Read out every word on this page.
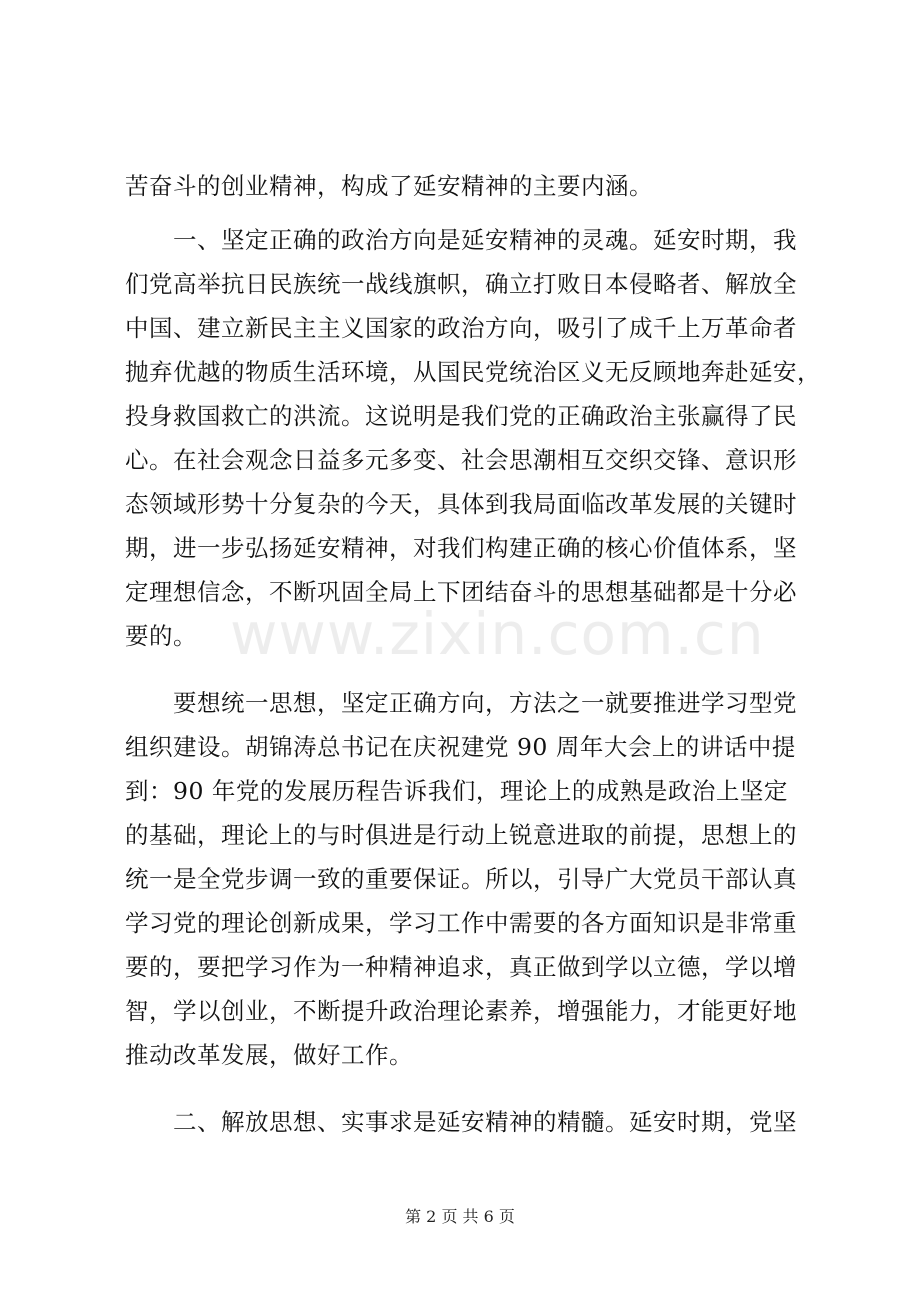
苦奋斗的创业精神，构成了延安精神的主要内涵。
　　一、坚定正确的政治方向是延安精神的灵魂。延安时期，我
们党高举抗日民族统一战线旗帜，确立打败日本侵略者、解放全
中国、建立新民主主义国家的政治方向，吸引了成千上万革命者
抛弃优越的物质生活环境，从国民党统治区义无反顾地奔赴延安，
投身救国救亡的洪流。这说明是我们党的正确政治主张赢得了民
心。在社会观念日益多元多变、社会思潮相互交织交锋、意识形
态领域形势十分复杂的今天，具体到我局面临改革发展的关键时
期，进一步弘扬延安精神，对我们构建正确的核心价值体系，坚
定理想信念，不断巩固全局上下团结奋斗的思想基础都是十分必
要的。
　　要想统一思想，坚定正确方向，方法之一就要推进学习型党
组织建设。胡锦涛总书记在庆祝建党 90 周年大会上的讲话中提
到：90 年党的发展历程告诉我们，理论上的成熟是政治上坚定
的基础，理论上的与时俱进是行动上锐意进取的前提，思想上的
统一是全党步调一致的重要保证。所以，引导广大党员干部认真
学习党的理论创新成果，学习工作中需要的各方面知识是非常重
要的，要把学习作为一种精神追求，真正做到学以立德，学以增
智，学以创业，不断提升政治理论素养，增强能力，才能更好地
推动改革发展，做好工作。
　　二、解放思想、实事求是延安精神的精髓。延安时期，党坚
www.zixin.com.cn
第 2 页 共 6 页
